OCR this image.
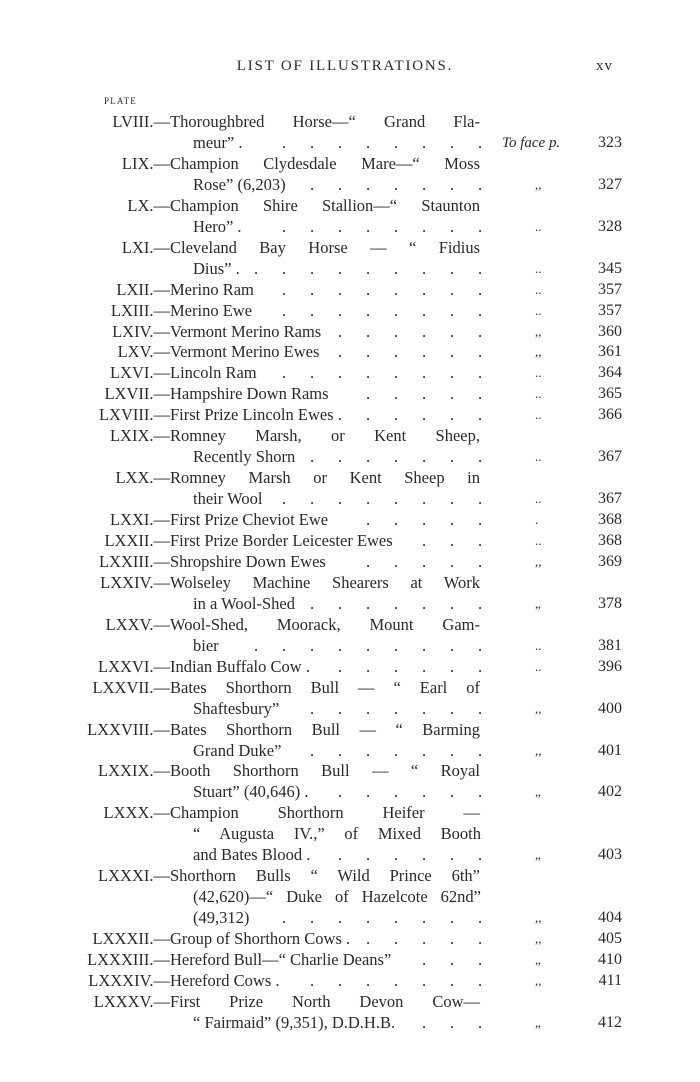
LIST OF ILLUSTRATIONS.	xv
PLATE
LVIII.— Thoroughbred Horse—“ Grand Fla-
meur” . . . . . . . . . To face p. 323
LIX.— Champion Clydesdale Mare—“ Moss
Rose” (6,203) . . . . . . .	,,	327
LX.— Champion Shire Stallion—“ Staunton
Hero” . . . . . . . . .	..	328
LXI.— Cleveland Bay Horse — “ Fidius
Dius” . . . . . . . . . .	..	345
LXII.— Merino Ram . . . . . . . .	..	357
LXIII.— Merino Ewe . . . . . . . .	..	357
LXIV.— Vermont Merino Rams . . . . . .	,,	360
LXV.— Vermont Merino Ewes . . . . . .	,,	361
LXVI.— Lincoln Ram . . . . . . . .	..	364
LXVII.— Hampshire Down Rams . . . . .	..	365
LXVIII.— First Prize Lincoln Ewes . . . . . .	..	366
LXIX.— Romney Marsh, or Kent Sheep,
Recently Shorn . . . . . . .	..	367
LXX.— Romney Marsh or Kent Sheep in
their Wool . . . . . . . .	..	367
LXXI.— First Prize Cheviot Ewe . . . . .	.	368
LXXII.— First Prize Border Leicester Ewes . . .	..	368
LXXIII.— Shropshire Down Ewes . . . . .	,,	369
LXXIV.— Wolseley Machine Shearers at Work
in a Wool-Shed . . . . . . .	„	378
LXXV.— Wool-Shed, Moorack, Mount Gam-
bier . . . . . . . . .	..	381
LXXVI.— Indian Buffalo Cow . . . . . . .	..	396
LXXVII.— Bates Shorthorn Bull — “ Earl of
Shaftesbury” . . . . . . .	,,	400
LXXVIII.— Bates Shorthorn Bull — “ Barming
Grand Duke” . . . . . . .	,,	401
LXXIX.— Booth Shorthorn Bull — “ Royal
Stuart” (40,646) . . . . . . .	„	402
LXXX.— Champion Shorthorn Heifer —
“ Augusta IV.,” of Mixed Booth
and Bates Blood . . . . . . .	„	403
LXXXI.— Shorthorn Bulls “ Wild Prince 6th”
(42,620)—“ Duke of Hazelcote 62nd”
(49,312) . . . . . . . .	,,	404
LXXXII.— Group of Shorthorn Cows . . . . . .	,,	405
LXXXIII.— Hereford Bull—“ Charlie Deans” . . .	„	410
LXXXIV.— Hereford Cows . . . . . . . .	,,	411
LXXXV.— First Prize North Devon Cow—
“ Fairmaid” (9,351), D.D.H.B. . . .	„	412
